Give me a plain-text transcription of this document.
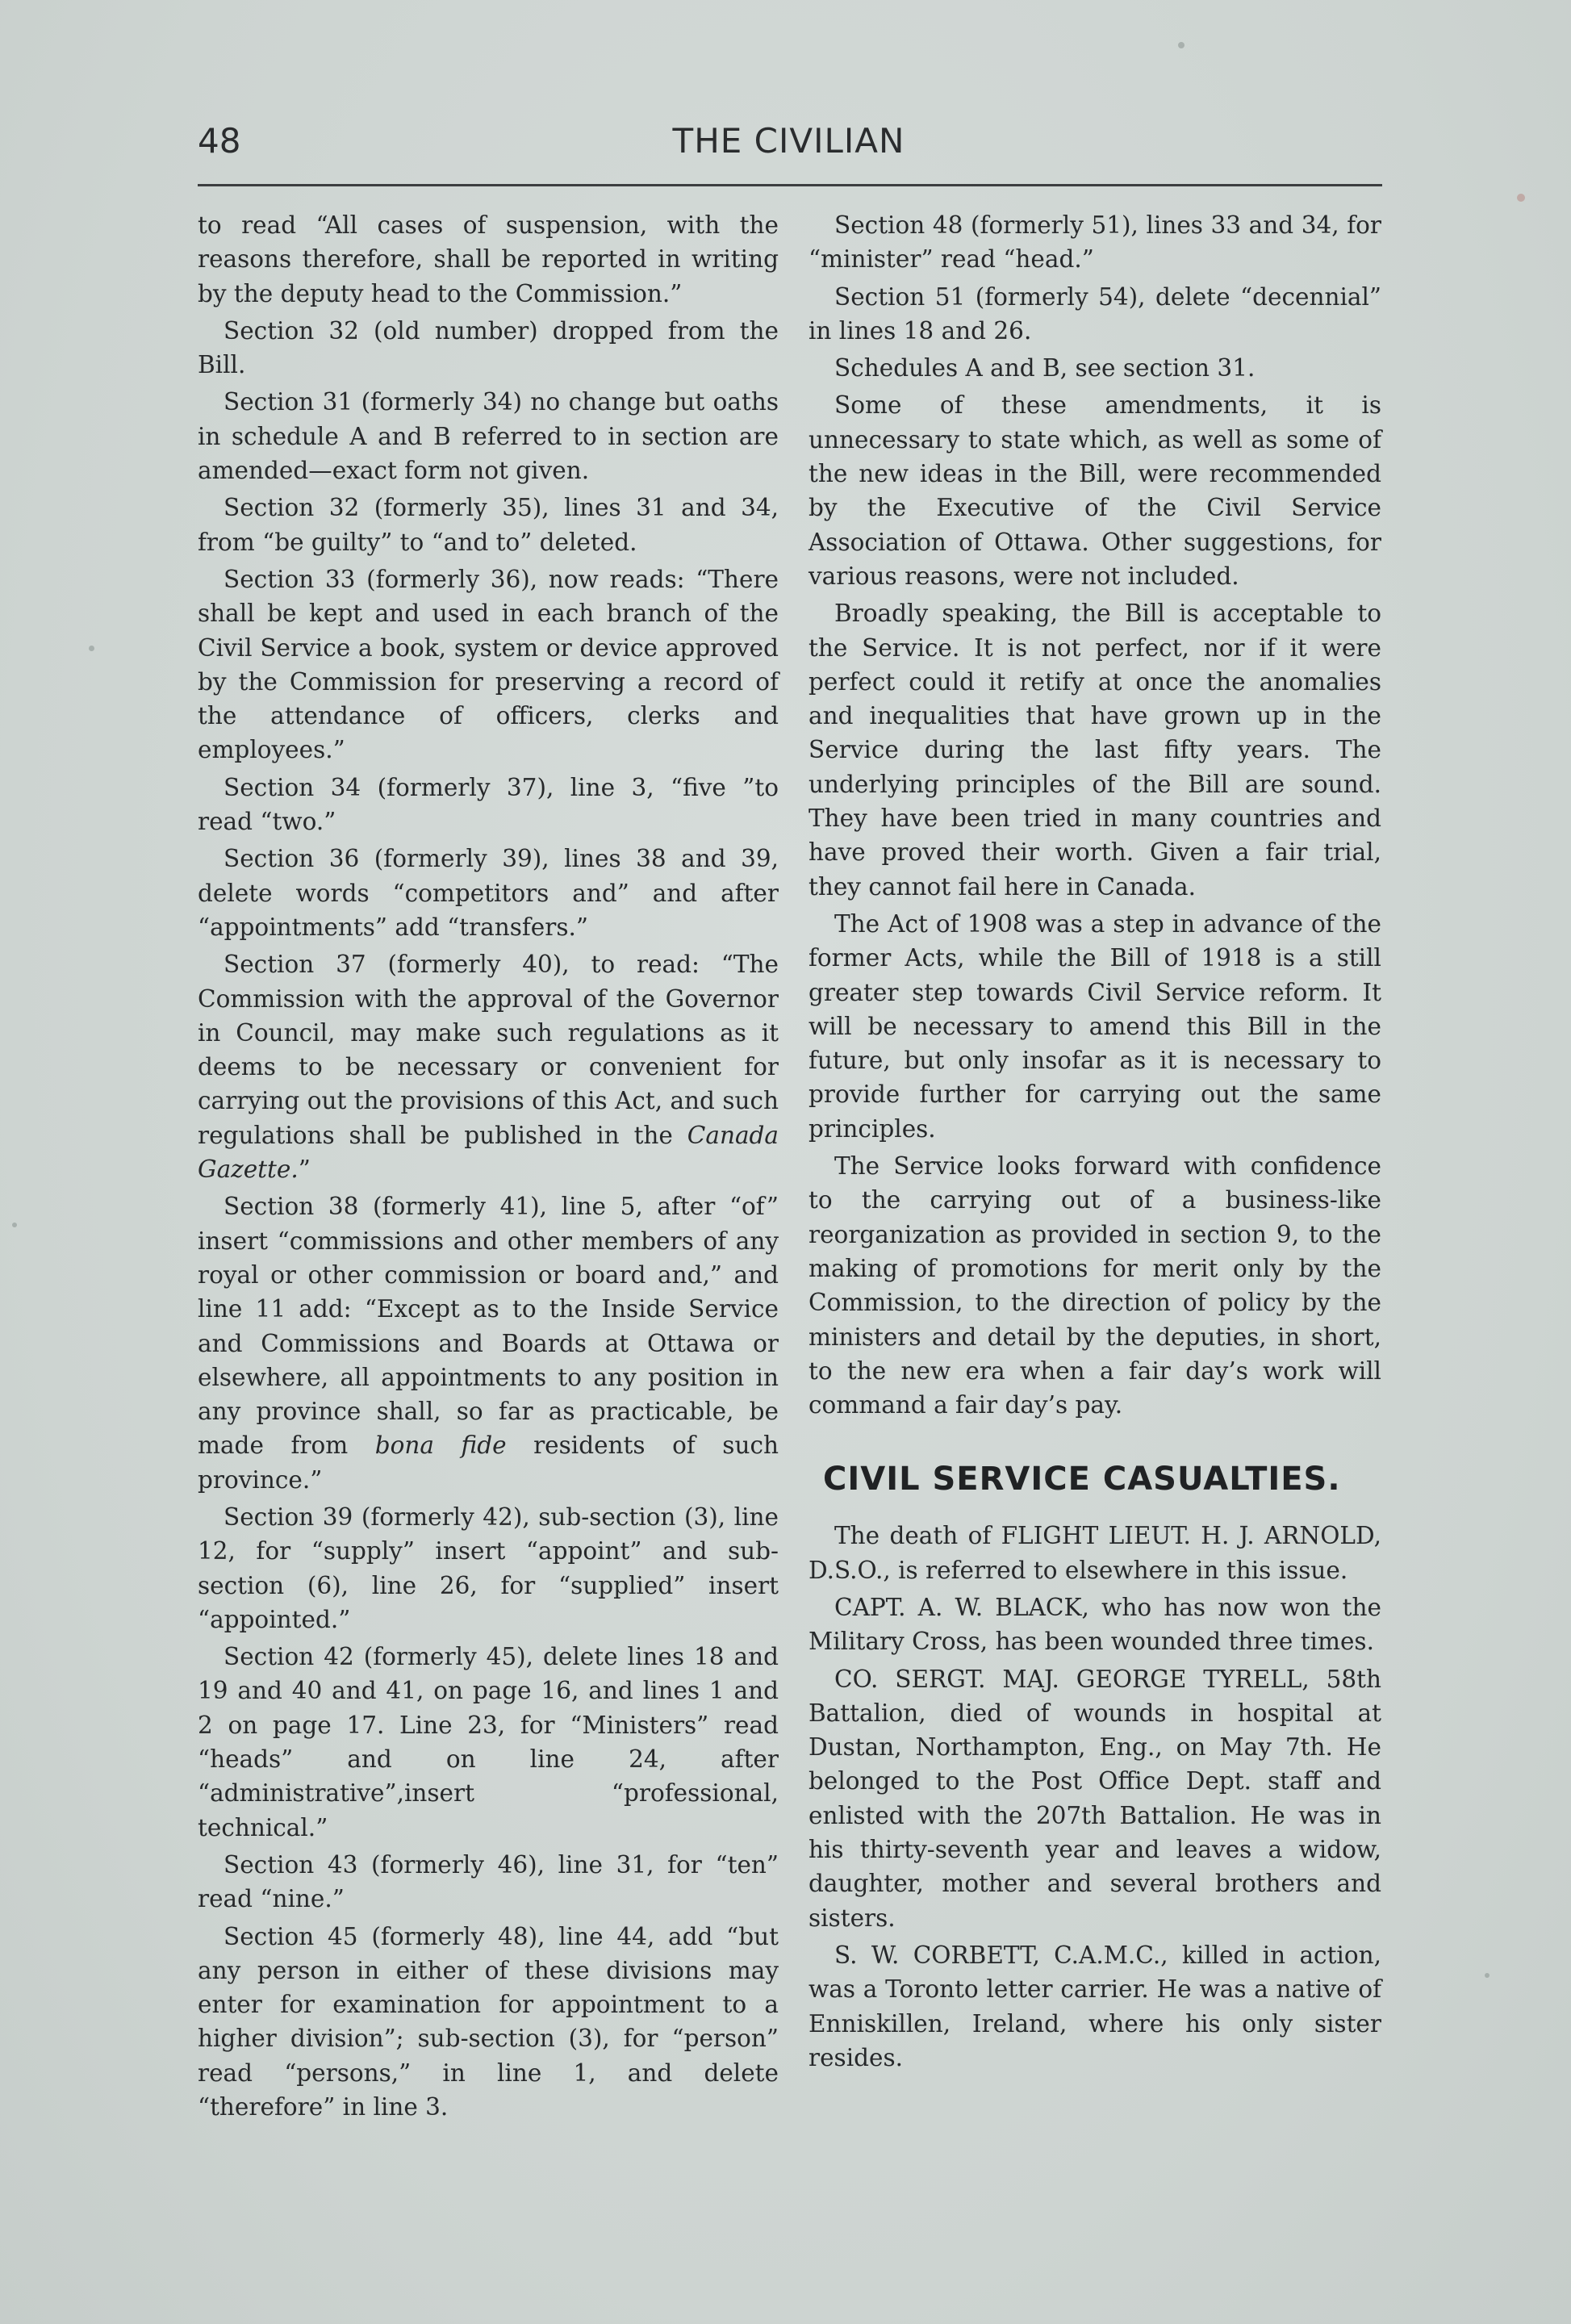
48	THE CIVILIAN

to read “All cases of suspension, with the reasons therefore, shall be reported in writing by the deputy head to the Commission.”

Section 32 (old number) dropped from the Bill.

Section 31 (formerly 34) no change but oaths in schedule A and B referred to in section are amended—exact form not given.

Section 32 (formerly 35), lines 31 and 34, from “be guilty” to “and to” deleted.

Section 33 (formerly 36), now reads: “There shall be kept and used in each branch of the Civil Service a book, system or device approved by the Commission for preserving a record of the attendance of officers, clerks and employees.”

Section 34 (formerly 37), line 3, “five ”to read “two.”

Section 36 (formerly 39), lines 38 and 39, delete words “competitors and” and after “appointments” add “transfers.”

Section 37 (formerly 40), to read: “The Commission with the approval of the Governor in Council, may make such regulations as it deems to be necessary or convenient for carrying out the provisions of this Act, and such regulations shall be published in the Canada Gazette.”

Section 38 (formerly 41), line 5, after “of” insert “commissions and other members of any royal or other commission or board and,” and line 11 add: “Except as to the Inside Service and Commissions and Boards at Ottawa or elsewhere, all appointments to any position in any province shall, so far as practicable, be made from bona fide residents of such province.”

Section 39 (formerly 42), sub-section (3), line 12, for “supply” insert “appoint” and sub-section (6), line 26, for “supplied” insert “appointed.”

Section 42 (formerly 45), delete lines 18 and 19 and 40 and 41, on page 16, and lines 1 and 2 on page 17. Line 23, for “Ministers” read “heads” and on line 24, after “administrative”,insert “professional, technical.”

Section 43 (formerly 46), line 31, for “ten” read “nine.”

Section 45 (formerly 48), line 44, add “but any person in either of these divisions may enter for examination for appointment to a higher division”; sub-section (3), for “person” read “persons,” in line 1, and delete “therefore” in line 3.

Section 48 (formerly 51), lines 33 and 34, for “minister” read “head.”

Section 51 (formerly 54), delete “decennial” in lines 18 and 26.

Schedules A and B, see section 31.

Some of these amendments, it is unnecessary to state which, as well as some of the new ideas in the Bill, were recommended by the Executive of the Civil Service Association of Ottawa. Other suggestions, for various reasons, were not included.

Broadly speaking, the Bill is acceptable to the Service. It is not perfect, nor if it were perfect could it retify at once the anomalies and inequalities that have grown up in the Service during the last fifty years. The underlying principles of the Bill are sound. They have been tried in many countries and have proved their worth. Given a fair trial, they cannot fail here in Canada.

The Act of 1908 was a step in advance of the former Acts, while the Bill of 1918 is a still greater step towards Civil Service reform. It will be necessary to amend this Bill in the future, but only insofar as it is necessary to provide further for carrying out the same principles.

The Service looks forward with confidence to the carrying out of a business-like reorganization as provided in section 9, to the making of promotions for merit only by the Commission, to the direction of policy by the ministers and detail by the deputies, in short, to the new era when a fair day’s work will command a fair day’s pay.

CIVIL SERVICE CASUALTIES.

The death of FLIGHT LIEUT. H. J. ARNOLD, D.S.O., is referred to elsewhere in this issue.

CAPT. A. W. BLACK, who has now won the Military Cross, has been wounded three times.

CO. SERGT. MAJ. GEORGE TYRELL, 58th Battalion, died of wounds in hospital at Dustan, Northampton, Eng., on May 7th. He belonged to the Post Office Dept. staff and enlisted with the 207th Battalion. He was in his thirty-seventh year and leaves a widow, daughter, mother and several brothers and sisters.

S. W. CORBETT, C.A.M.C., killed in action, was a Toronto letter carrier. He was a native of Enniskillen, Ireland, where his only sister resides.
